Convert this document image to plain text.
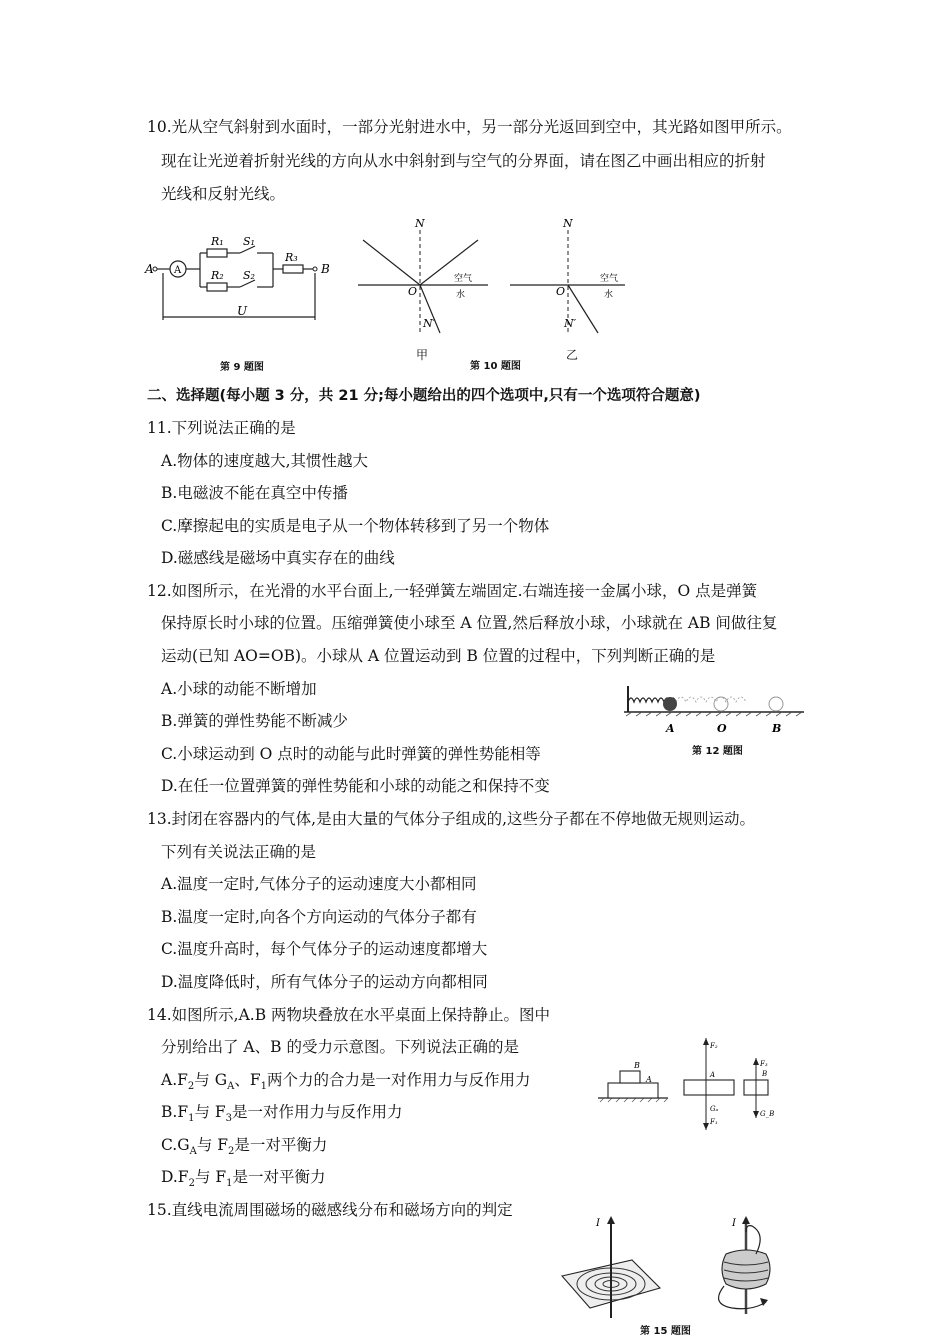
10.光从空气斜射到水面时，一部分光射进水中，另一部分光返回到空中，其光路如图甲所示。
现在让光逆着折射光线的方向从水中斜射到与空气的分界面，请在图乙中画出相应的折射
光线和反射光线。
A	B
A
R₁
R₂
R₃
S₁
S₂
U
第 9 题图
N
O
N′
空气
水
甲
第 10 题图
N
O
N′
空气
水
乙
二、选择题(每小题 3 分，共 21 分;每小题给出的四个选项中,只有一个选项符合题意)
11.下列说法正确的是
A.物体的速度越大,其惯性越大
B.电磁波不能在真空中传播
C.摩擦起电的实质是电子从一个物体转移到了另一个物体
D.磁感线是磁场中真实存在的曲线
12.如图所示，在光滑的水平台面上,一轻弹簧左端固定.右端连接一金属小球，O 点是弹簧
保持原长时小球的位置。压缩弹簧使小球至 A 位置,然后释放小球，小球就在 AB 间做往复
运动(已知 AO=OB)。小球从 A 位置运动到 B 位置的过程中，下列判断正确的是
A.小球的动能不断增加
B.弹簧的弹性势能不断减少
C.小球运动到 O 点时的动能与此时弹簧的弹性势能相等
D.在任一位置弹簧的弹性势能和小球的动能之和保持不变
A	O	B
第 12 题图
13.封闭在容器内的气体,是由大量的气体分子组成的,这些分子都在不停地做无规则运动。
下列有关说法正确的是
A.温度一定时,气体分子的运动速度大小都相同
B.温度一定时,向各个方向运动的气体分子都有
C.温度升高时，每个气体分子的运动速度都增大
D.温度降低时，所有气体分子的运动方向都相同
14.如图所示,A.B 两物块叠放在水平桌面上保持静止。图中
分别给出了 A、B 的受力示意图。下列说法正确的是
$A.F_2$与 $G_A$、$F_1$两个力的合力是一对作用力与反作用力
$B.F_1$与 $F_3$是一对作用力与反作用力
$C.G_A$与 $F_2$是一对平衡力
$D.F_2$与 $F_1$是一对平衡力
B
A
F₂
A
Gₐ
F₁
F₃
B
G_B
15.直线电流周围磁场的磁感线分布和磁场方向的判定
I	I
第 15 题图
